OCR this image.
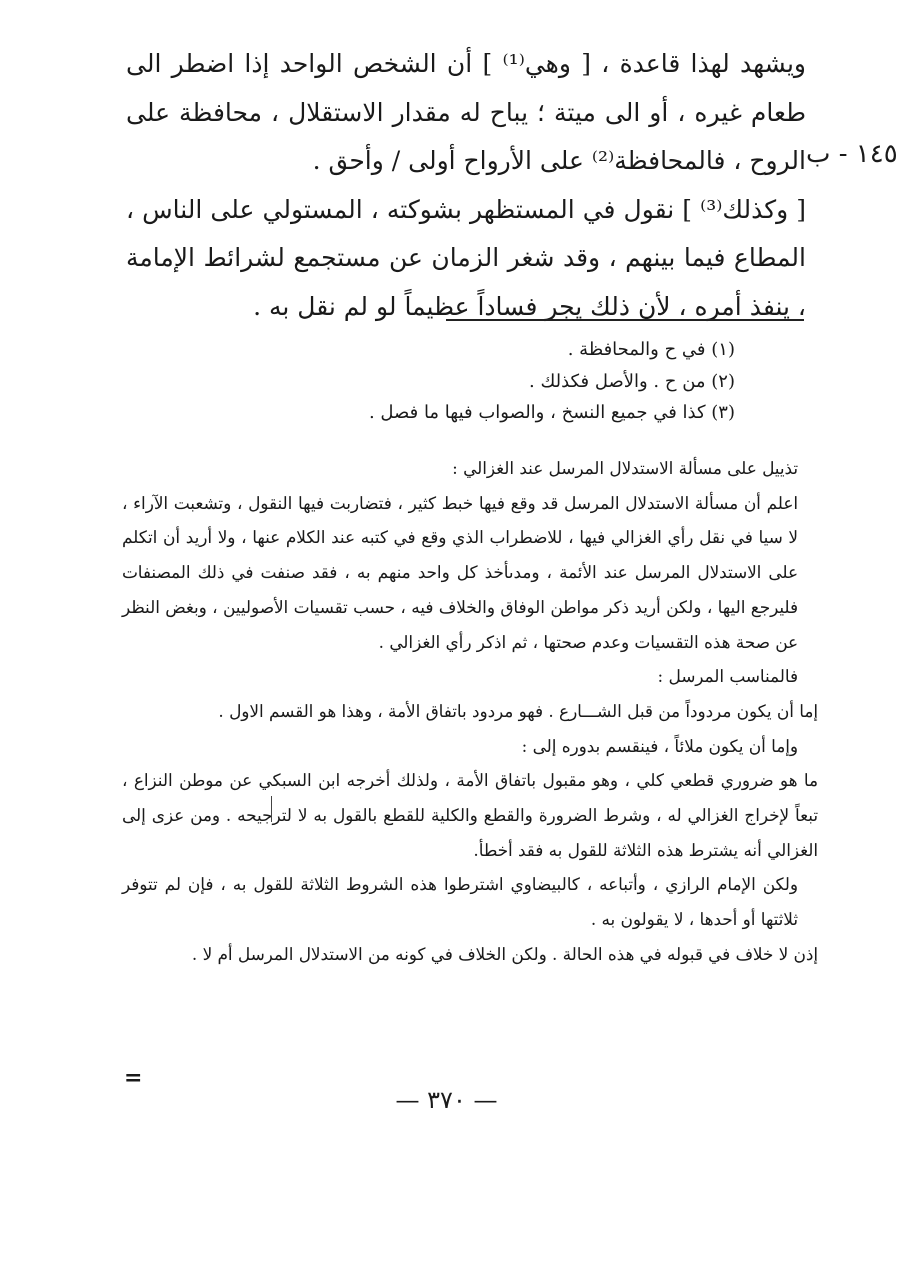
ويشهد لهذا قاعدة ، [ وهي⁽¹⁾ ] أن الشخص الواحد إذا اضطر الى طعام غيره ، أو الى ميتة ؛ يباح له مقدار الاستقلال ، محافظة على الروح ، فالمحافظة⁽²⁾ على الأرواح أولى / وأحق .

[ وكذلك⁽³⁾ ] نقول في المستظهر بشوكته ، المستولي على الناس ، المطاع فيما بينهم ، وقد شغر الزمان عن مستجمع لشرائط الإمامة ، ينفذ أمره ، لأن ذلك يجر فساداً عظيماً لو لم نقل به .

١٤٥ - ب
(١) في ح والمحافظة .
(٢) من ح . والأصل فكذلك .
(٣) كذا في جميع النسخ ، والصواب فيها ما فصل .

تذييل على مسألة الاستدلال المرسل عند الغزالي :

اعلم أن مسألة الاستدلال المرسل قد وقع فيها خبط كثير ، فتضاربت فيها النقول ، وتشعبت الآراء ، لا سيا في نقل رأي الغزالي فيها ، للاضطراب الذي وقع في كتبه عند الكلام عنها ، ولا أريد أن اتكلم على الاستدلال المرسل عند الأئمة ، ومدىأخذ كل واحد منهم به ، فقد صنفت في ذلك المصنفات فليرجع اليها ، ولكن أريد ذكر مواطن الوفاق والخلاف فيه ، حسب تقسيات الأصوليين ، وبغض النظر عن صحة هذه التقسيات وعدم صحتها ، ثم اذكر رأي الغزالي .

فالمناسب المرسل :

إما أن يكون مردوداً من قبل الشـــارع . فهو مردود باتفاق الأمة ، وهذا هو القسم الاول .

وإما أن يكون ملائاً ، فينقسم بدوره إلى :

ما هو ضروري قطعي كلي ، وهو مقبول باتفاق الأمة ، ولذلك أخرجه ابن السبكي عن موطن النزاع ، تبعاً لإخراج الغزالي له ، وشرط الضرورة والقطع والكلية للقطع بالقول به لا لترجيحه . ومن عزى إلى الغزالي أنه يشترط هذه الثلاثة للقول به فقد أخطأ.

ولكن الإمام الرازي ، وأتباعه ، كالبيضاوي اشترطوا هذه الشروط الثلاثة للقول به ، فإن لم تتوفر ثلاثتها أو أحدها ، لا يقولون به .

إذن لا خلاف في قبوله في هذه الحالة . ولكن الخلاف في كونه من الاستدلال المرسل أم لا .

=
— ٣٧٠ —
